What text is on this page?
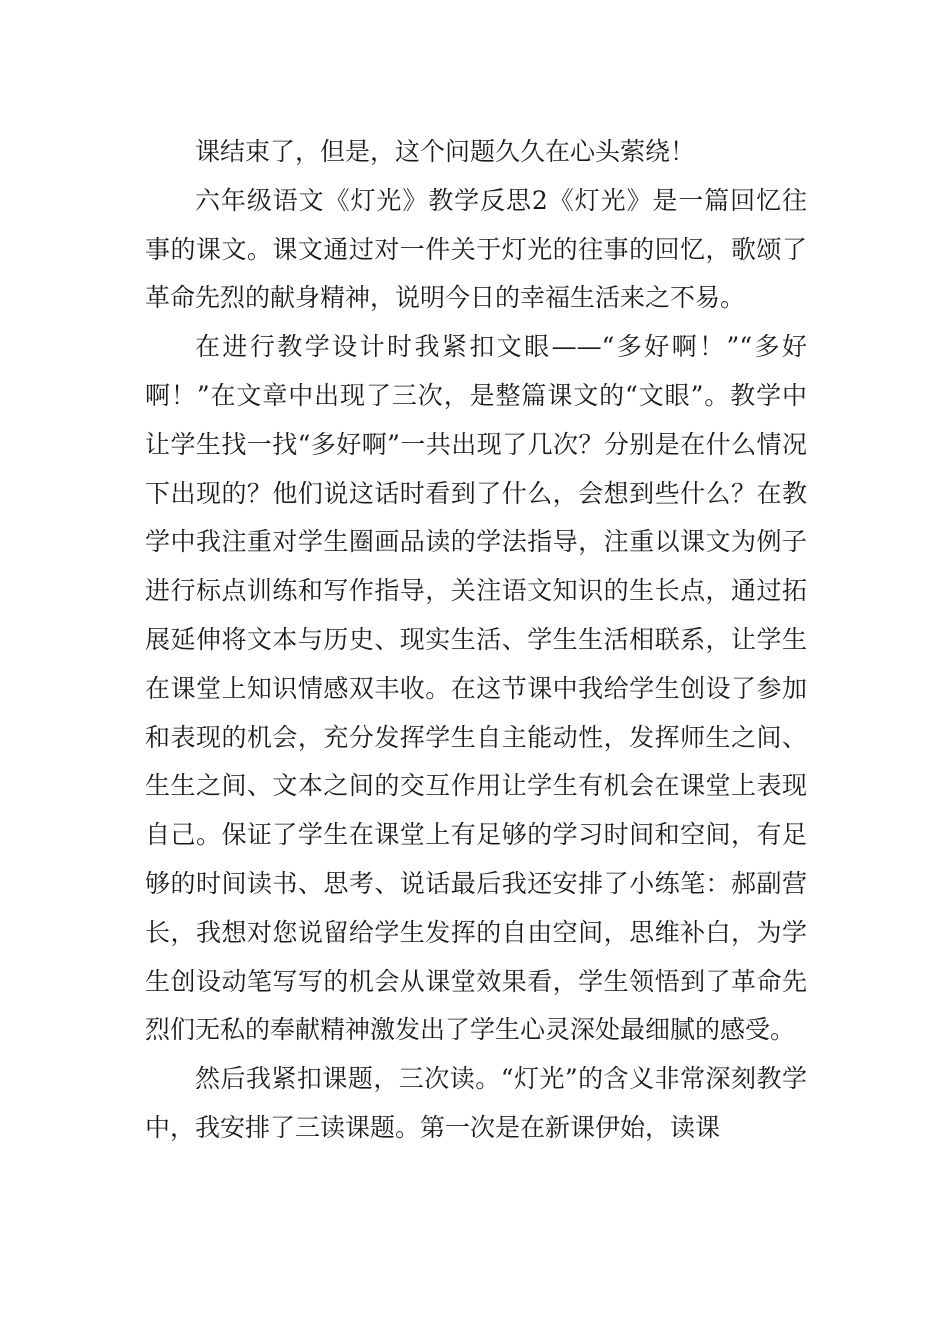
课结束了，但是，这个问题久久在心头萦绕！

六年级语文《灯光》教学反思2《灯光》是一篇回忆往事的课文。课文通过对一件关于灯光的往事的回忆，歌颂了革命先烈的献身精神，说明今日的幸福生活来之不易。

在进行教学设计时我紧扣文眼——“多好啊！”“多好啊！”在文章中出现了三次，是整篇课文的“文眼”。教学中让学生找一找“多好啊”一共出现了几次？分别是在什么情况下出现的？他们说这话时看到了什么，会想到些什么？在教学中我注重对学生圈画品读的学法指导，注重以课文为例子进行标点训练和写作指导，关注语文知识的生长点，通过拓展延伸将文本与历史、现实生活、学生生活相联系，让学生在课堂上知识情感双丰收。在这节课中我给学生创设了参加和表现的机会，充分发挥学生自主能动性，发挥师生之间、生生之间、文本之间的交互作用让学生有机会在课堂上表现自己。保证了学生在课堂上有足够的学习时间和空间，有足够的时间读书、思考、说话最后我还安排了小练笔：郝副营长，我想对您说留给学生发挥的自由空间，思维补白，为学生创设动笔写写的机会从课堂效果看，学生领悟到了革命先烈们无私的奉献精神激发出了学生心灵深处最细腻的感受。

然后我紧扣课题，三次读。“灯光”的含义非常深刻教学中，我安排了三读课题。第一次是在新课伊始，读课
